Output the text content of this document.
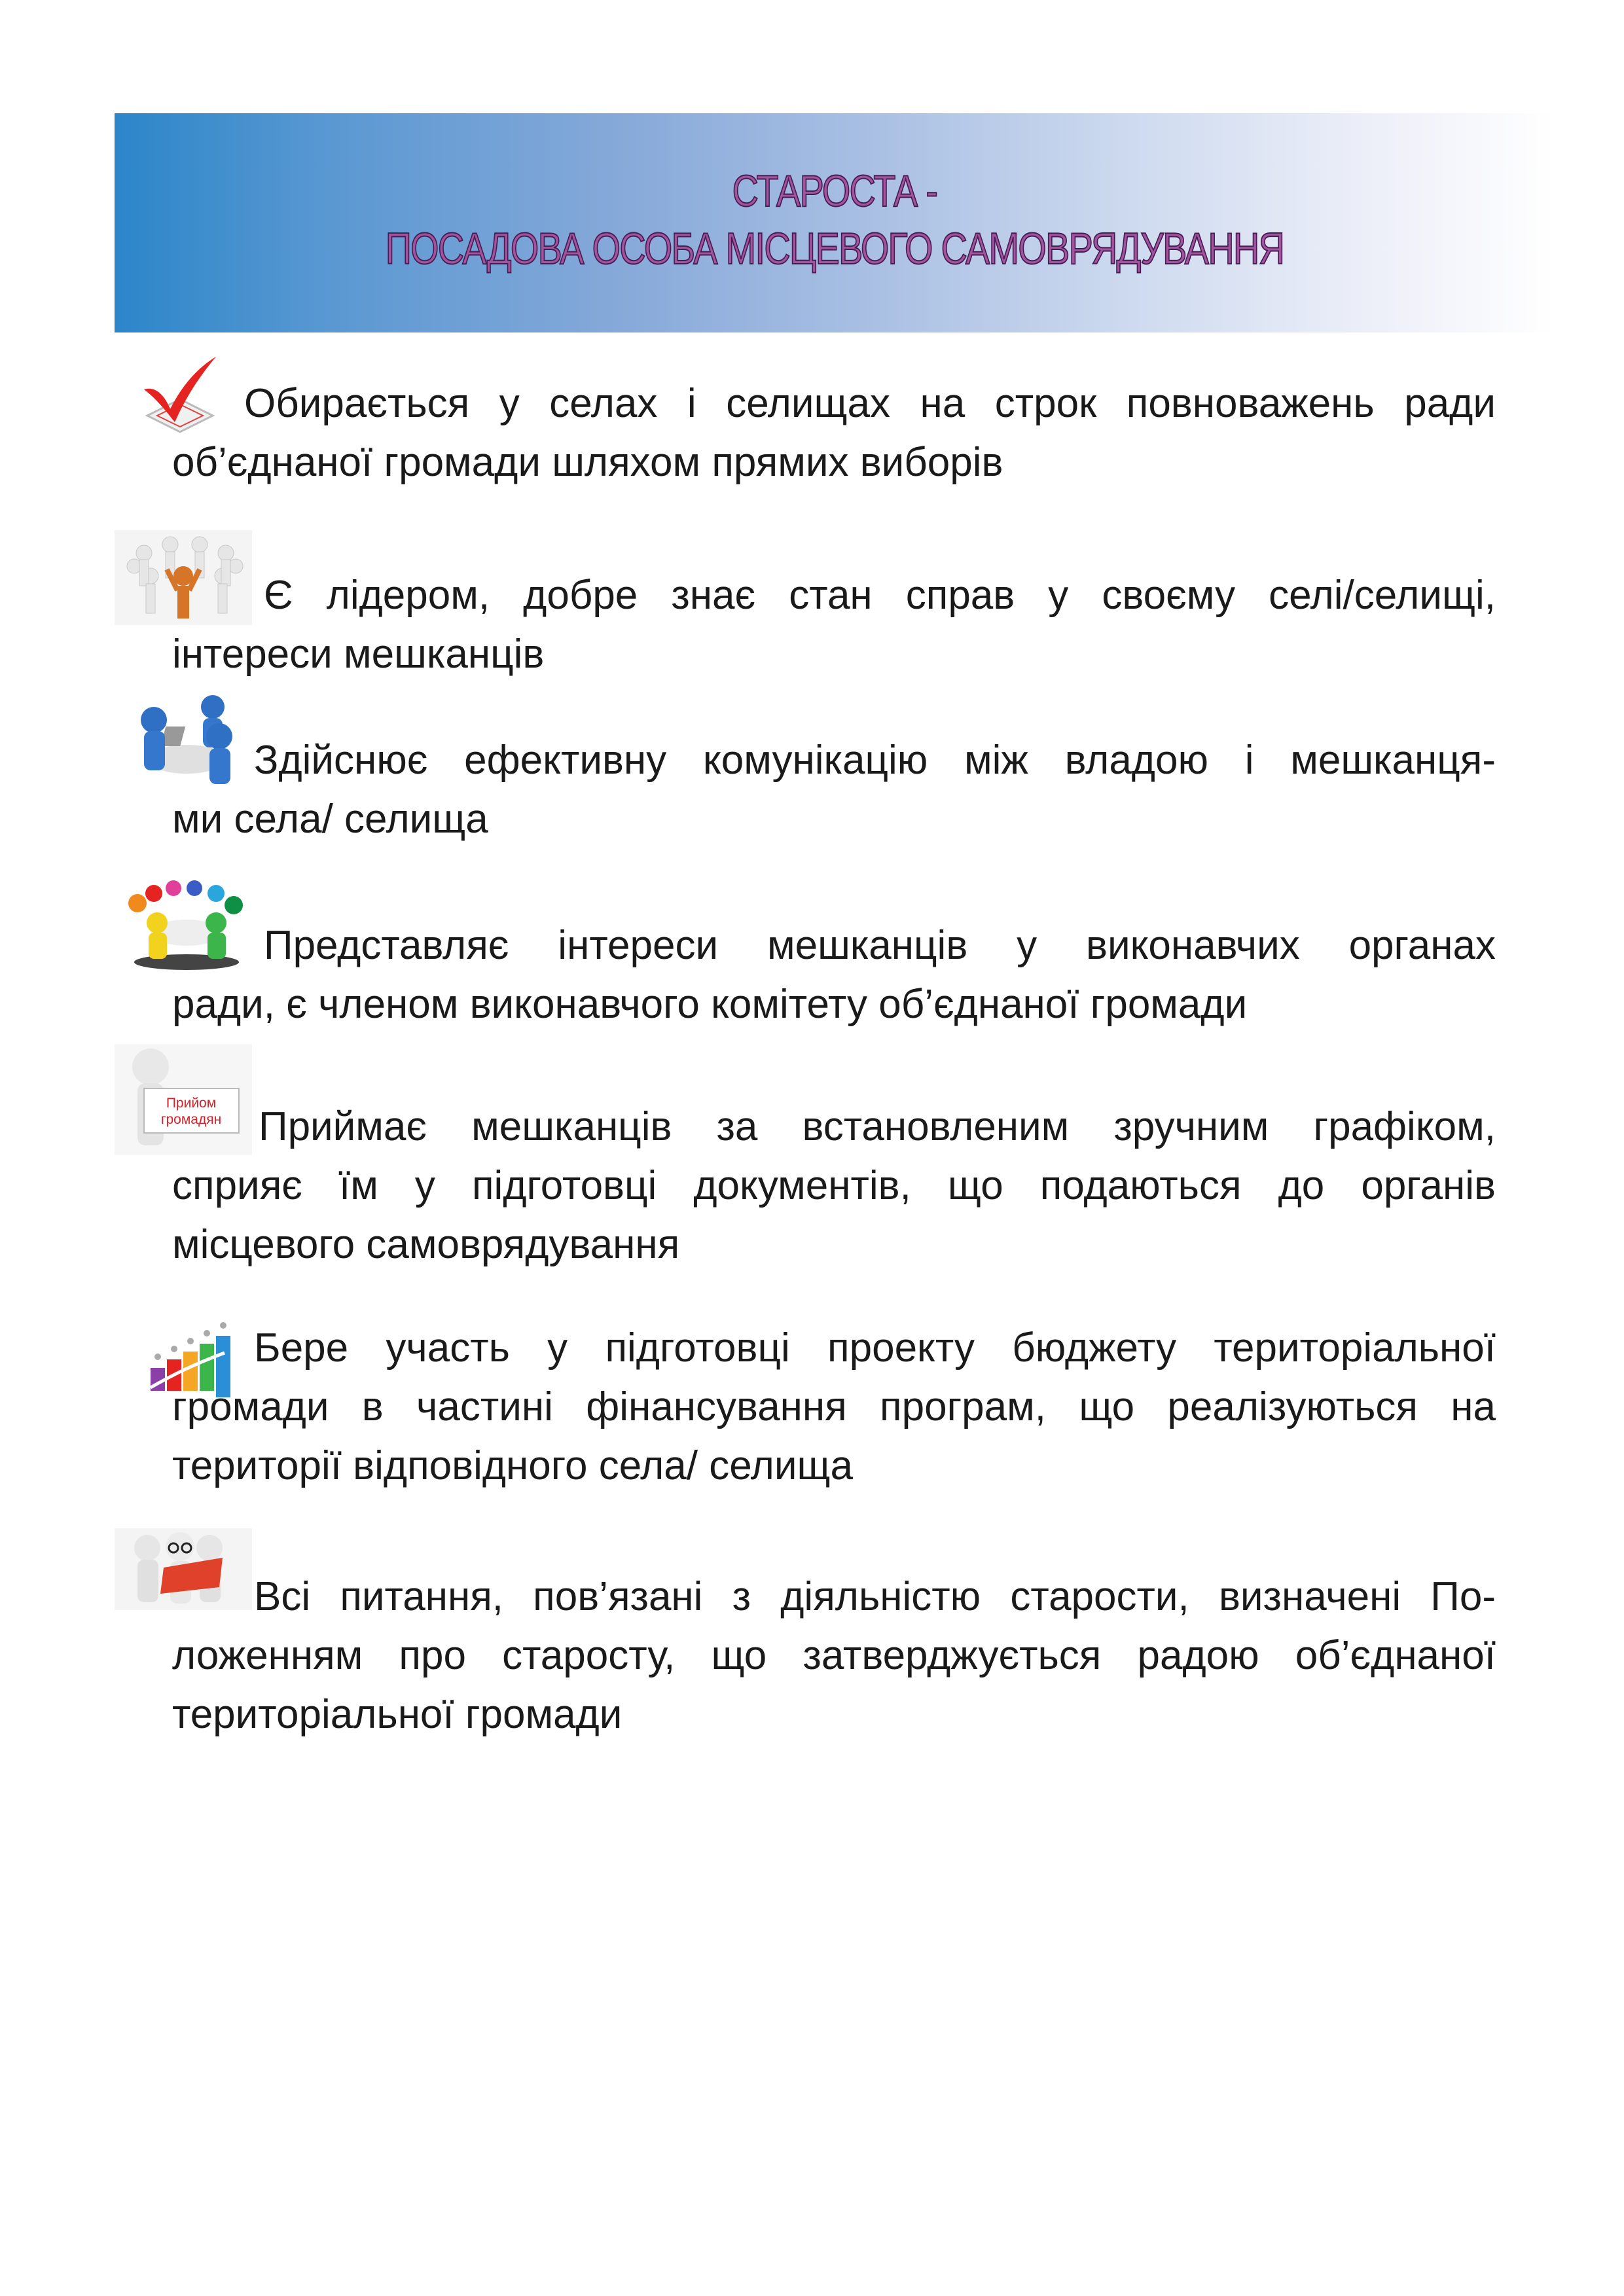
СТАРОСТА -
ПОСАДОВА ОСОБА МІСЦЕВОГО САМОВРЯДУВАННЯ
Обирається у селах і селищах на строк повноважень ради
об’єднаної громади шляхом прямих виборів
Є лідером, добре знає стан справ у своєму селі/селищі,
інтереси мешканців
Здійснює ефективну комунікацію між владою і мешканця-
ми села/ селища
Представляє інтереси мешканців у виконавчих органах
ради, є членом виконавчого комітету об’єднаної громади
Прийом
громадян Приймає мешканців за встановленим зручним графіком,
сприяє їм у підготовці документів, що подаються до органів
місцевого самоврядування
Бере участь у підготовці проекту бюджету територіальної
громади в частині фінансування програм, що реалізуються на
території відповідного села/ селища
Всі питання, пов’язані з діяльністю старости, визначені По-
ложенням про старосту, що затверджується радою об’єднаної
територіальної громади
